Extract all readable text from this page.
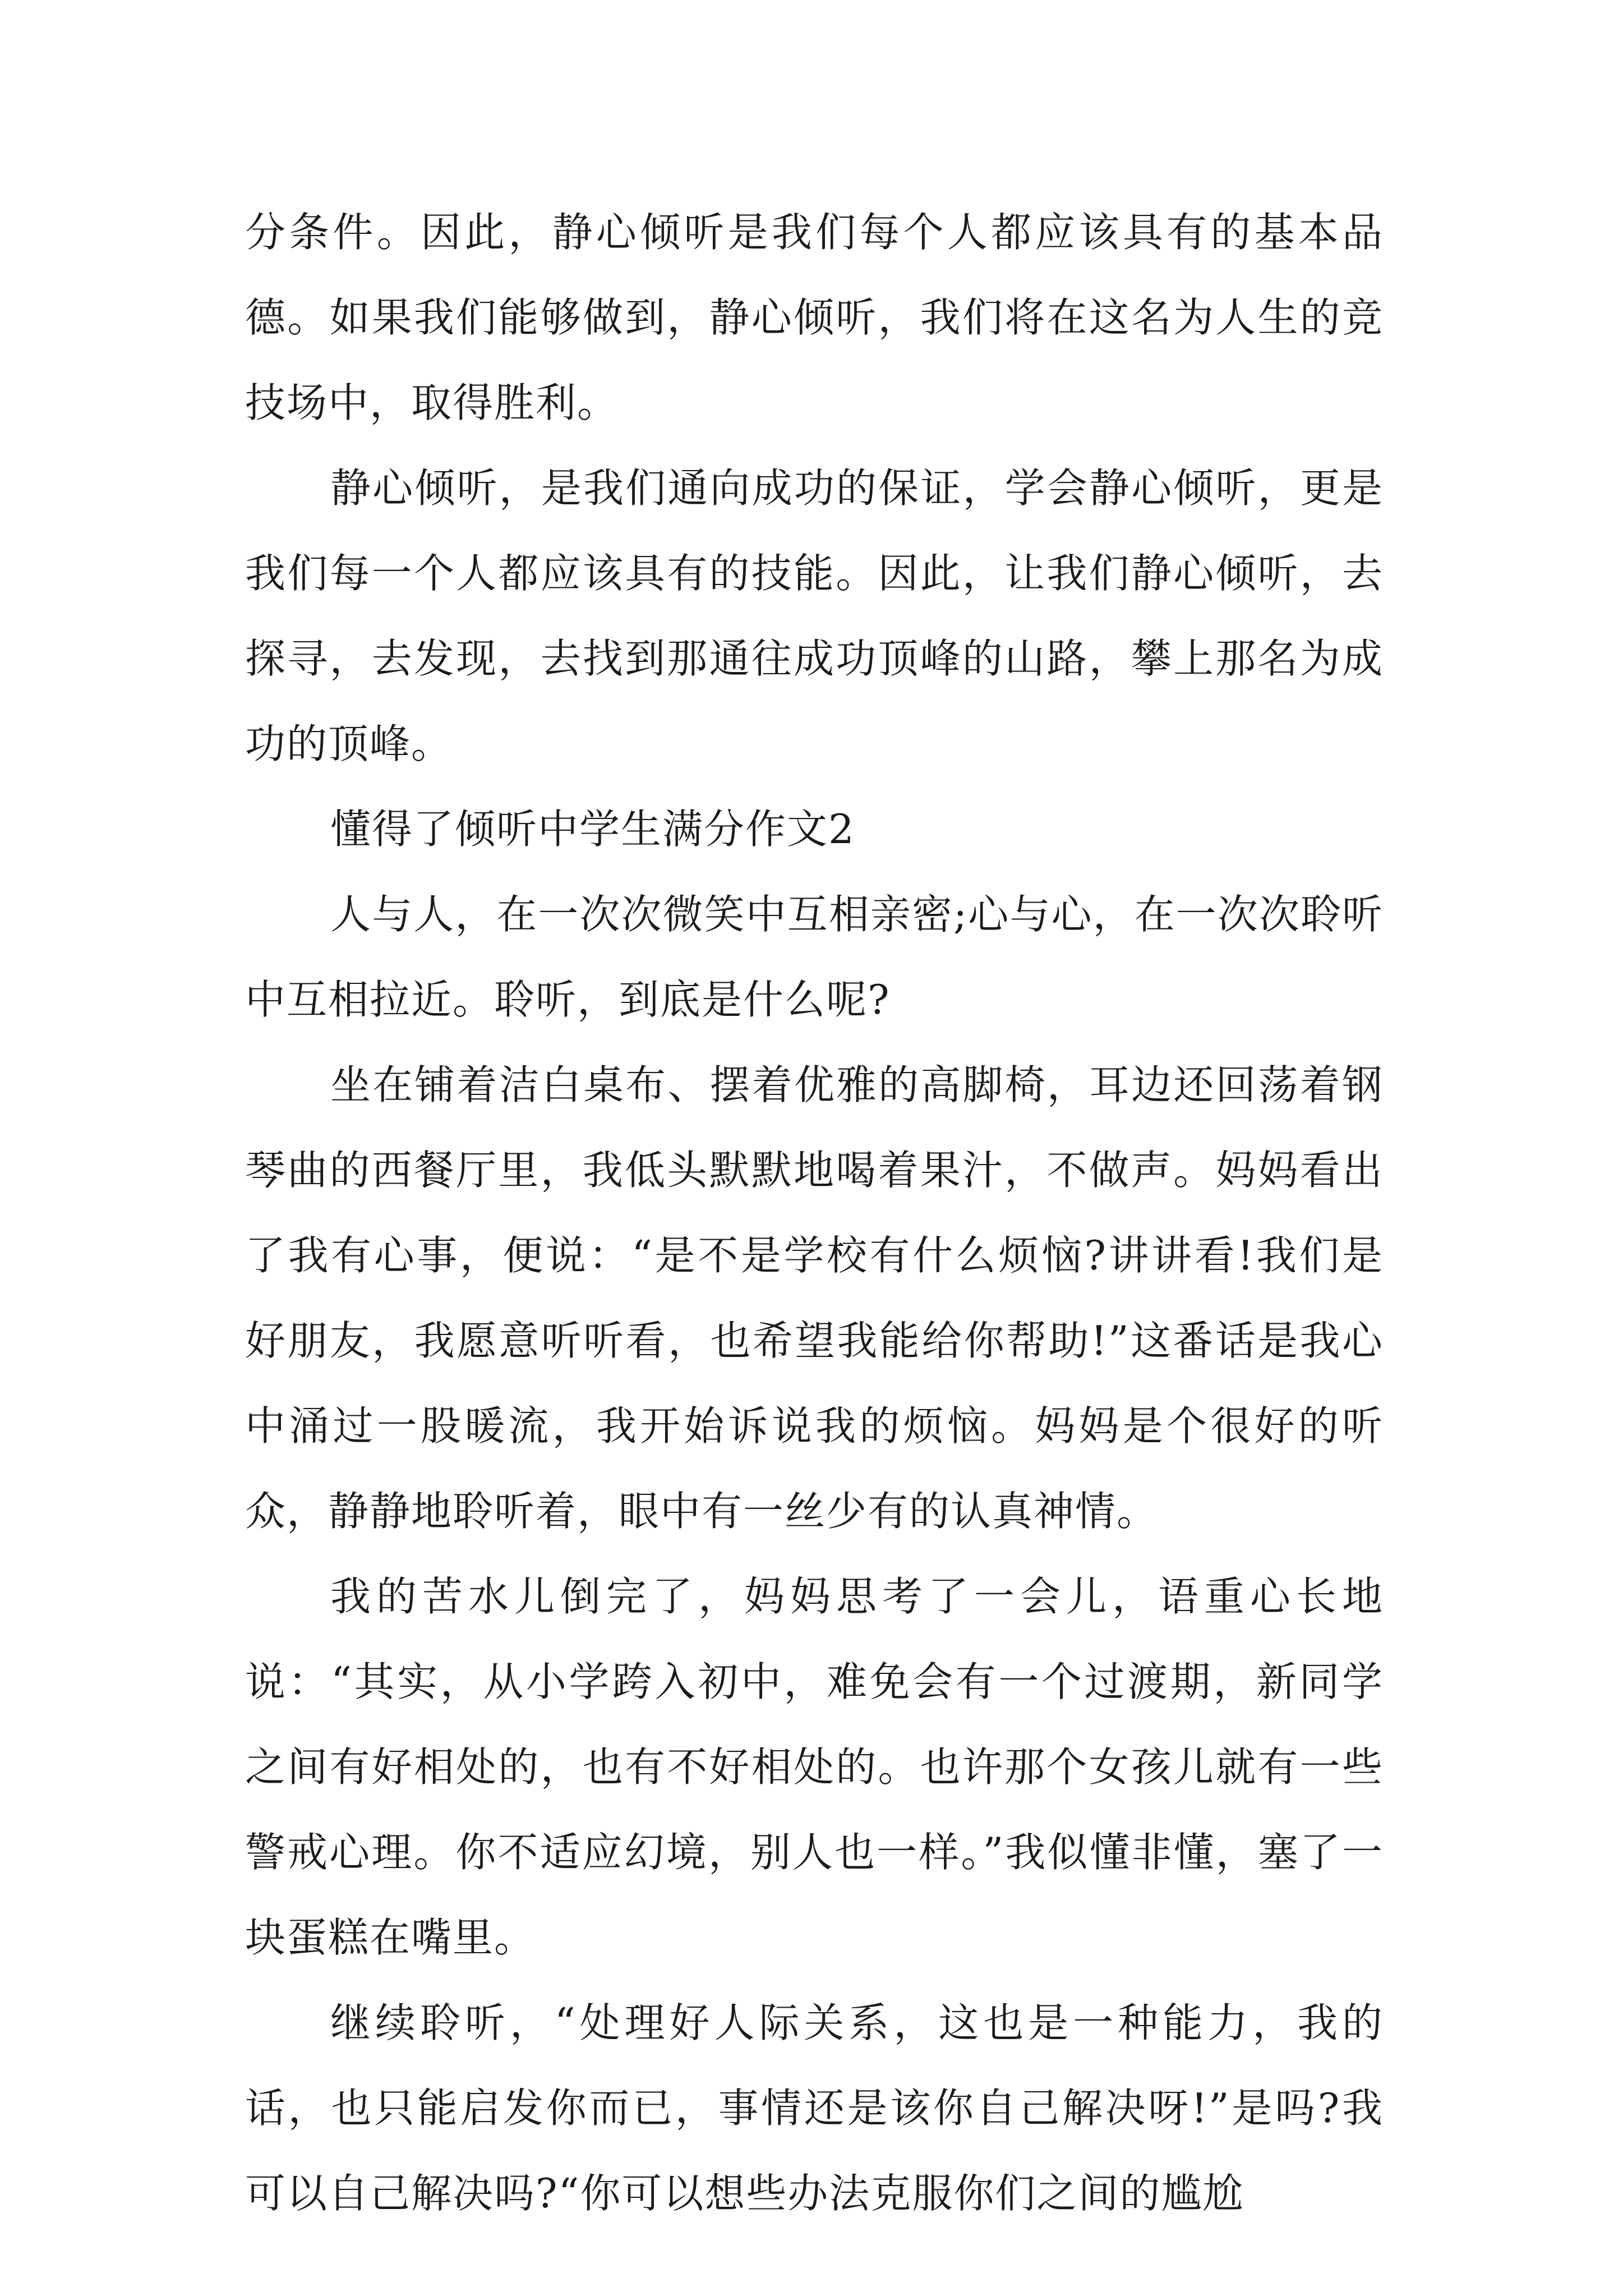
分条件。因此，静心倾听是我们每个人都应该具有的基本品德。如果我们能够做到，静心倾听，我们将在这名为人生的竞技场中，取得胜利。

静心倾听，是我们通向成功的保证，学会静心倾听，更是我们每一个人都应该具有的技能。因此，让我们静心倾听，去探寻，去发现，去找到那通往成功顶峰的山路，攀上那名为成功的顶峰。

懂得了倾听中学生满分作文2

人与人，在一次次微笑中互相亲密;心与心，在一次次聆听中互相拉近。聆听，到底是什么呢?

坐在铺着洁白桌布、摆着优雅的高脚椅，耳边还回荡着钢琴曲的西餐厅里，我低头默默地喝着果汁，不做声。妈妈看出了我有心事，便说：“是不是学校有什么烦恼?讲讲看!我们是好朋友，我愿意听听看，也希望我能给你帮助!”这番话是我心中涌过一股暖流，我开始诉说我的烦恼。妈妈是个很好的听众，静静地聆听着，眼中有一丝少有的认真神情。

我的苦水儿倒完了，妈妈思考了一会儿，语重心长地说：“其实，从小学跨入初中，难免会有一个过渡期，新同学之间有好相处的，也有不好相处的。也许那个女孩儿就有一些警戒心理。你不适应幻境，别人也一样。”我似懂非懂，塞了一块蛋糕在嘴里。

继续聆听，“处理好人际关系，这也是一种能力，我的话，也只能启发你而已，事情还是该你自己解决呀!”是吗?我可以自己解决吗?“你可以想些办法克服你们之间的尴尬
